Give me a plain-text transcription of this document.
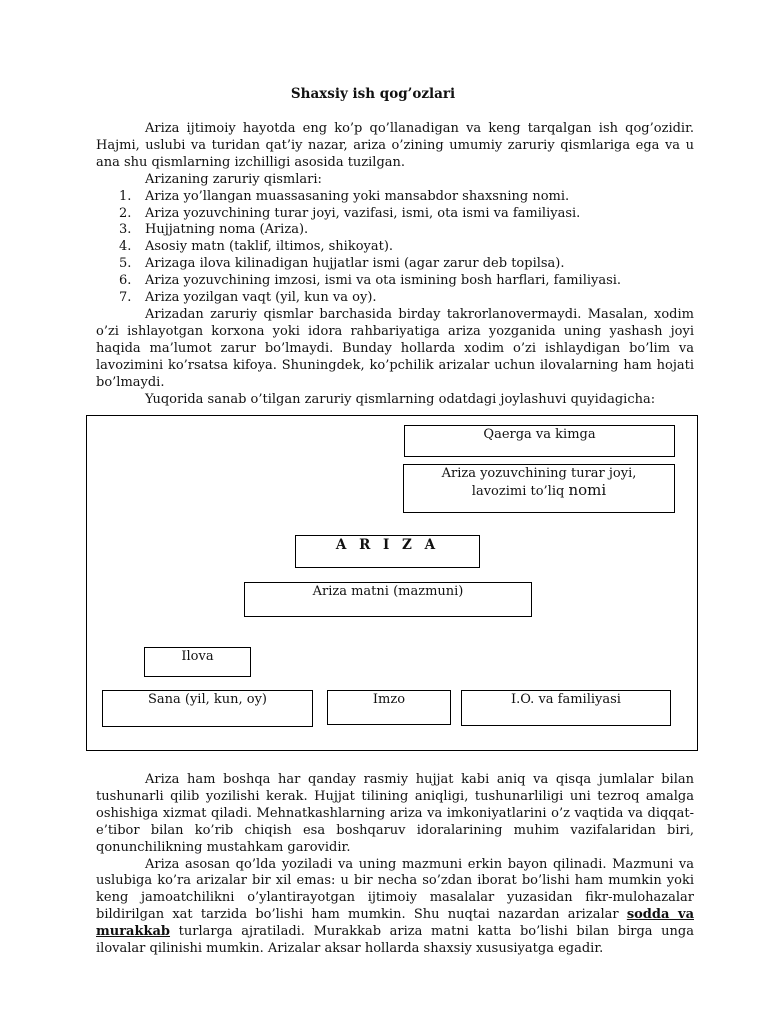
Shaxsiy ish qog’ozlari

Ariza ijtimoiy hayotda eng ko’p qo’llanadigan va keng tarqalgan ish qog’ozidir. Hajmi, uslubi va turidan qat’iy nazar, ariza o’zining umumiy zaruriy qismlariga ega va u ana shu qismlarning izchilligi asosida tuzilgan.

Arizaning zaruriy qismlari:

1. Ariza yo’llangan muassasaning yoki mansabdor shaxsning nomi.
2. Ariza yozuvchining turar joyi, vazifasi, ismi, ota ismi va familiyasi.
3. Hujjatning noma (Ariza).
4. Asosiy matn (taklif, iltimos, shikoyat).
5. Arizaga ilova kilinadigan hujjatlar ismi (agar zarur deb topilsa).
6. Ariza yozuvchining imzosi, ismi va ota ismining bosh harflari, familiyasi.
7. Ariza yozilgan vaqt (yil, kun va oy).

Arizadan zaruriy qismlar barchasida birday takrorlanovermaydi. Masalan, xodim o’zi ishlayotgan korxona yoki idora rahbariyatiga ariza yozganida uning yashash joyi haqida ma’lumot zarur bo’lmaydi. Bunday hollarda xodim o’zi ishlaydigan bo’lim va lavozimini ko’rsatsa kifoya. Shuningdek, ko’pchilik arizalar uchun ilovalarning ham hojati bo’lmaydi.

Yuqorida sanab o’tilgan zaruriy qismlarning odatdagi joylashuvi quyidagicha:

Qaerga va kimga
Ariza yozuvchining turar joyi,
lavozimi to’liq nomi
A R I Z A
Ariza matni (mazmuni)
Ilova
Sana (yil, kun, oy)	Imzo	I.O. va familiyasi

Ariza ham boshqa har qanday rasmiy hujjat kabi aniq va qisqa jumlalar bilan tushunarli qilib yozilishi kerak. Hujjat tilining aniqligi, tushunarliligi uni tezroq amalga oshishiga xizmat qiladi. Mehnatkashlarning ariza va imkoniyatlarini o’z vaqtida va diqqat-e’tibor bilan ko’rib chiqish esa boshqaruv idoralarining muhim vazifalaridan biri, qonunchilikning mustahkam garovidir.

Ariza asosan qo’lda yoziladi va uning mazmuni erkin bayon qilinadi. Mazmuni va uslubiga ko’ra arizalar bir xil emas: u bir necha so’zdan iborat bo’lishi ham mumkin yoki keng jamoatchilikni o’ylantirayotgan ijtimoiy masalalar yuzasidan fikr-mulohazalar bildirilgan xat tarzida bo’lishi ham mumkin. Shu nuqtai nazardan arizalar sodda va murakkab turlarga ajratiladi. Murakkab ariza matni katta bo’lishi bilan birga unga ilovalar qilinishi mumkin. Arizalar aksar hollarda shaxsiy xususiyatga egadir.
